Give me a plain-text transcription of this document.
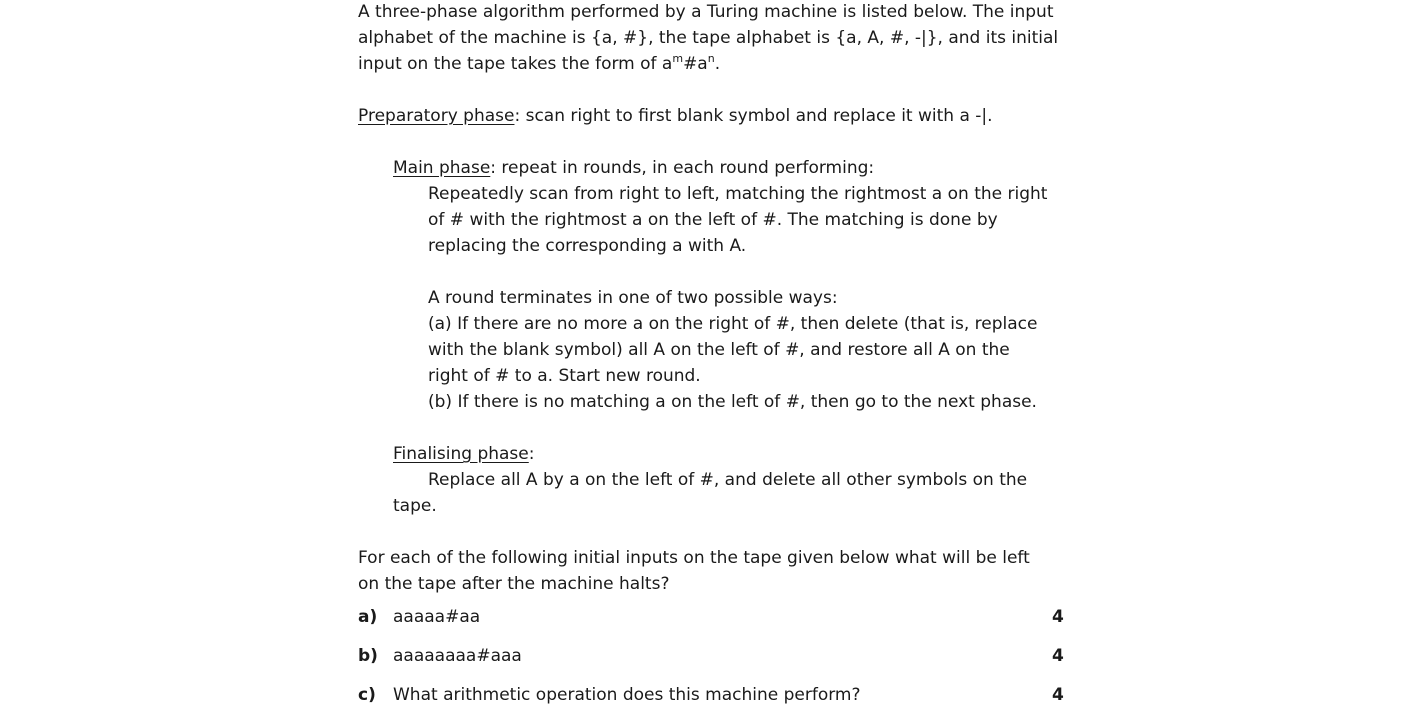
A three-phase algorithm performed by a Turing machine is listed below. The input
alphabet of the machine is {a, #}, the tape alphabet is {a, A, #, -|}, and its initial
input on the tape takes the form of $a^m\#a^n$.
Preparatory phase: scan right to first blank symbol and replace it with a -|.
Main phase: repeat in rounds, in each round performing:
Repeatedly scan from right to left, matching the rightmost a on the right
of # with the rightmost a on the left of #. The matching is done by
replacing the corresponding a with A.
A round terminates in one of two possible ways:
(a) If there are no more a on the right of #, then delete (that is, replace
with the blank symbol) all A on the left of #, and restore all A on the
right of # to a. Start new round.
(b) If there is no matching a on the left of #, then go to the next phase.
Finalising phase:
Replace all A by a on the left of #, and delete all other symbols on the
tape.
For each of the following initial inputs on the tape given below what will be left
on the tape after the machine halts?
a) aaaaa#aa	4
b) aaaaaaaa#aaa	4
c) What arithmetic operation does this machine perform?	4
